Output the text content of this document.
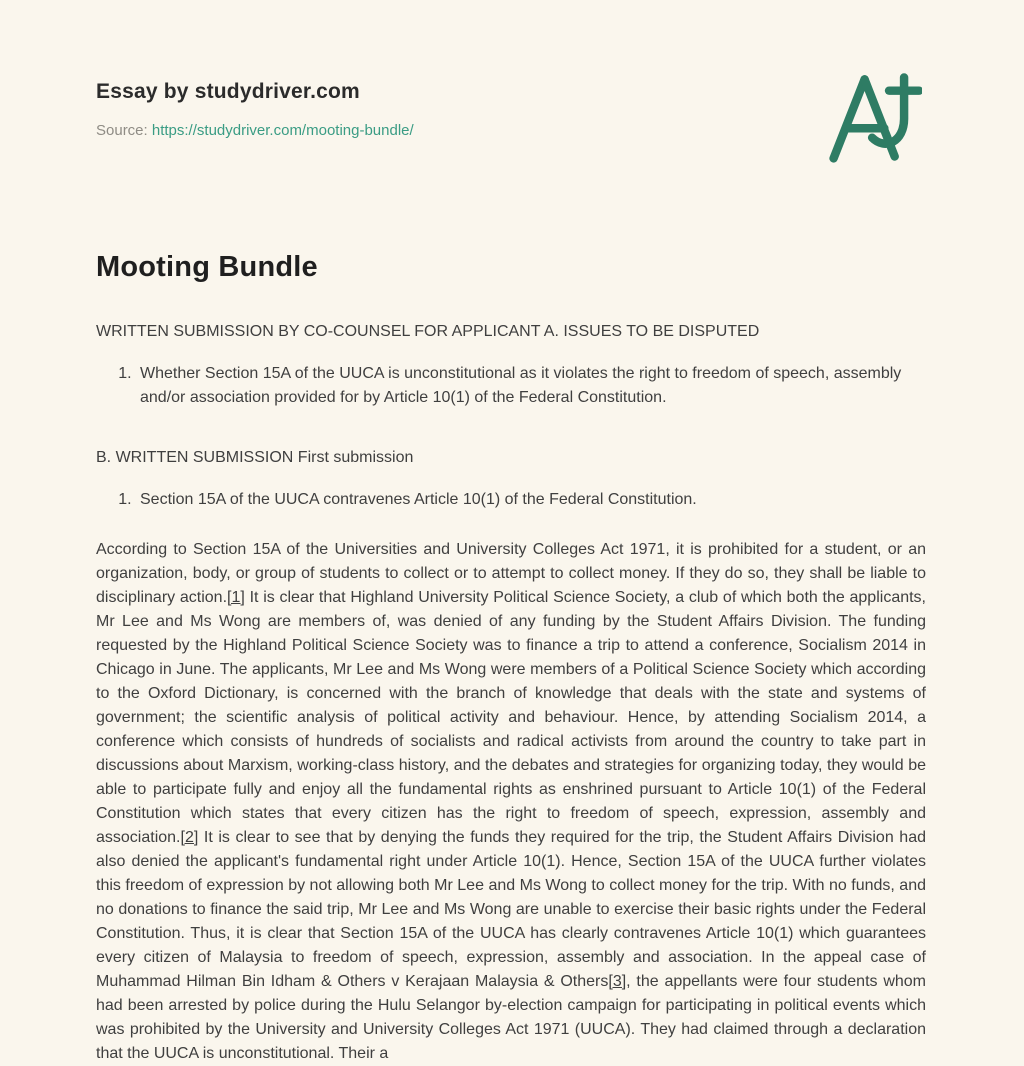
Essay by studydriver.com
Source: https://studydriver.com/mooting-bundle/
Mooting Bundle
WRITTEN SUBMISSION BY CO-COUNSEL FOR APPLICANT A. ISSUES TO BE DISPUTED
1. Whether Section 15A of the UUCA is unconstitutional as it violates the right to freedom of speech, assembly and/or association provided for by Article 10(1) of the Federal Constitution.
B. WRITTEN SUBMISSION First submission
1. Section 15A of the UUCA contravenes Article 10(1) of the Federal Constitution.
According to Section 15A of the Universities and University Colleges Act 1971, it is prohibited for a student, or an organization, body, or group of students to collect or to attempt to collect money. If they do so, they shall be liable to disciplinary action.[1] It is clear that Highland University Political Science Society, a club of which both the applicants, Mr Lee and Ms Wong are members of, was denied of any funding by the Student Affairs Division. The funding requested by the Highland Political Science Society was to finance a trip to attend a conference, Socialism 2014 in Chicago in June. The applicants, Mr Lee and Ms Wong were members of a Political Science Society which according to the Oxford Dictionary, is concerned with the branch of knowledge that deals with the state and systems of government; the scientific analysis of political activity and behaviour. Hence, by attending Socialism 2014, a conference which consists of hundreds of socialists and radical activists from around the country to take part in discussions about Marxism, working-class history, and the debates and strategies for organizing today, they would be able to participate fully and enjoy all the fundamental rights as enshrined pursuant to Article 10(1) of the Federal Constitution which states that every citizen has the right to freedom of speech, expression, assembly and association.[2] It is clear to see that by denying the funds they required for the trip, the Student Affairs Division had also denied the applicant's fundamental right under Article 10(1). Hence, Section 15A of the UUCA further violates this freedom of expression by not allowing both Mr Lee and Ms Wong to collect money for the trip. With no funds, and no donations to finance the said trip, Mr Lee and Ms Wong are unable to exercise their basic rights under the Federal Constitution. Thus, it is clear that Section 15A of the UUCA has clearly contravenes Article 10(1) which guarantees every citizen of Malaysia to freedom of speech, expression, assembly and association. In the appeal case of Muhammad Hilman Bin Idham & Others v Kerajaan Malaysia & Others[3], the appellants were four students whom had been arrested by police during the Hulu Selangor by-election campaign for participating in political events which was prohibited by the University and University Colleges Act 1971 (UUCA). They had claimed through a declaration that the UUCA is unconstitutional. Their a
